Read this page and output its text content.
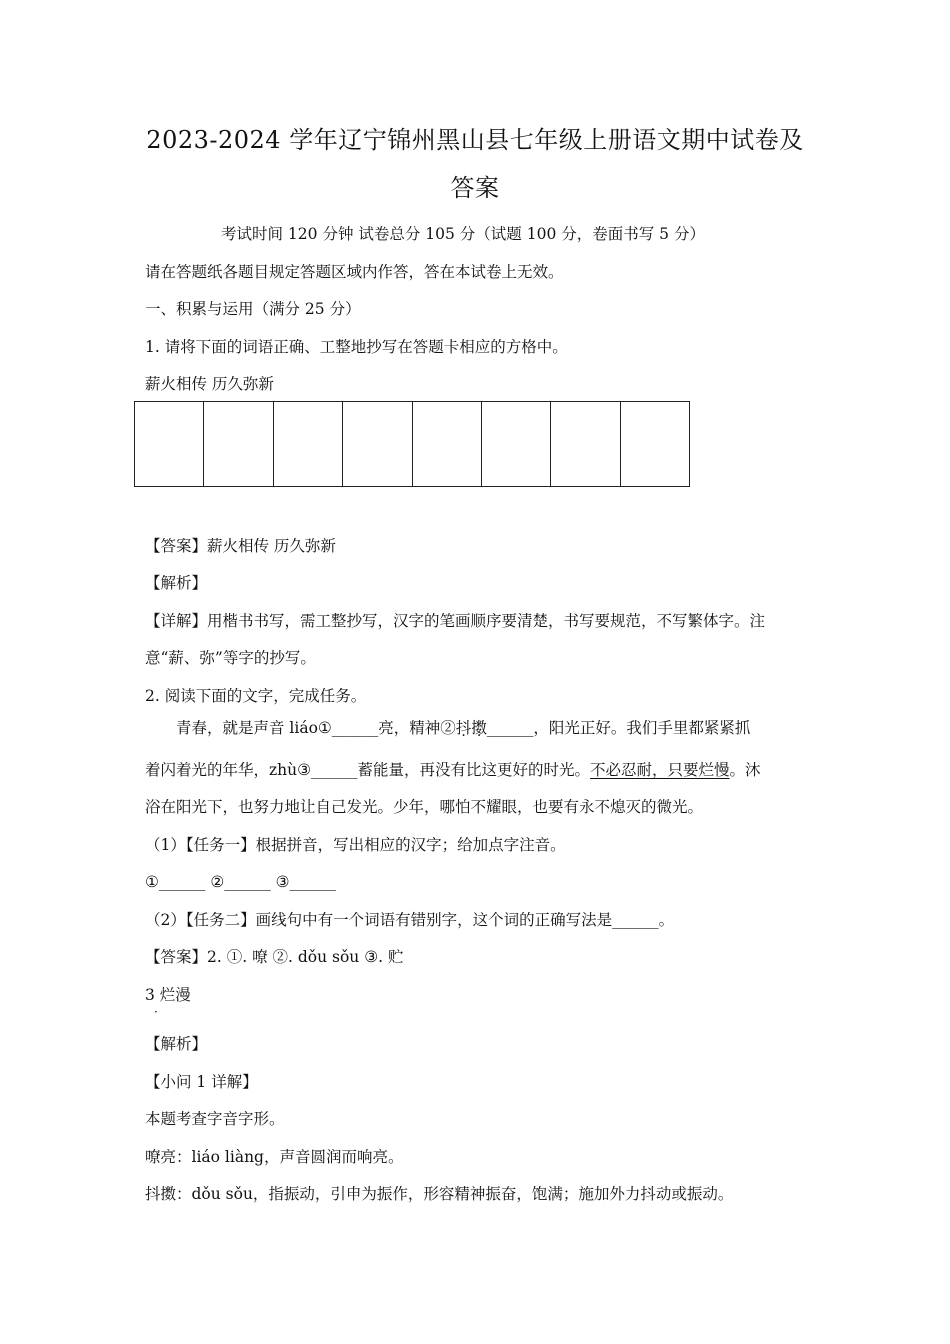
2023-2024 学年辽宁锦州黑山县七年级上册语文期中试卷及
答案
考试时间 120 分钟 试卷总分 105 分（试题 100 分，卷面书写 5 分）
请在答题纸各题目规定答题区域内作答，答在本试卷上无效。
一、积累与运用（满分 25 分）
1. 请将下面的词语正确、工整地抄写在答题卡相应的方格中。
薪火相传 历久弥新
【答案】薪火相传 历久弥新
【解析】
【详解】用楷书书写，需工整抄写，汉字的笔画顺序要清楚，书写要规范，不写繁体字。注
意“薪、弥”等字的抄写。
2. 阅读下面的文字，完成任务。
青春，就是声音 liáo①______亮，精神②抖擞______，阳光正好。我们手里都紧紧抓
着闪着光的年华，zhù③______蓄能量，再没有比这更好的时光。不必忍耐，只要烂慢。沐
浴在阳光下，也努力地让自己发光。少年，哪怕不耀眼，也要有永不熄灭的微光。
（1）【任务一】根据拼音，写出相应的汉字；给加点字注音。
①______ ②______ ③______
（2）【任务二】画线句中有一个词语有错别字，这个词的正确写法是______。
【答案】2. ①. 嘹 ②. dǒu sǒu ③. 贮
3 烂漫
·
【解析】
【小问 1 详解】
本题考查字音字形。
嘹亮：liáo liàng，声音圆润而响亮。
抖擞：dǒu sǒu，指振动，引申为振作，形容精神振奋，饱满；施加外力抖动或振动。
